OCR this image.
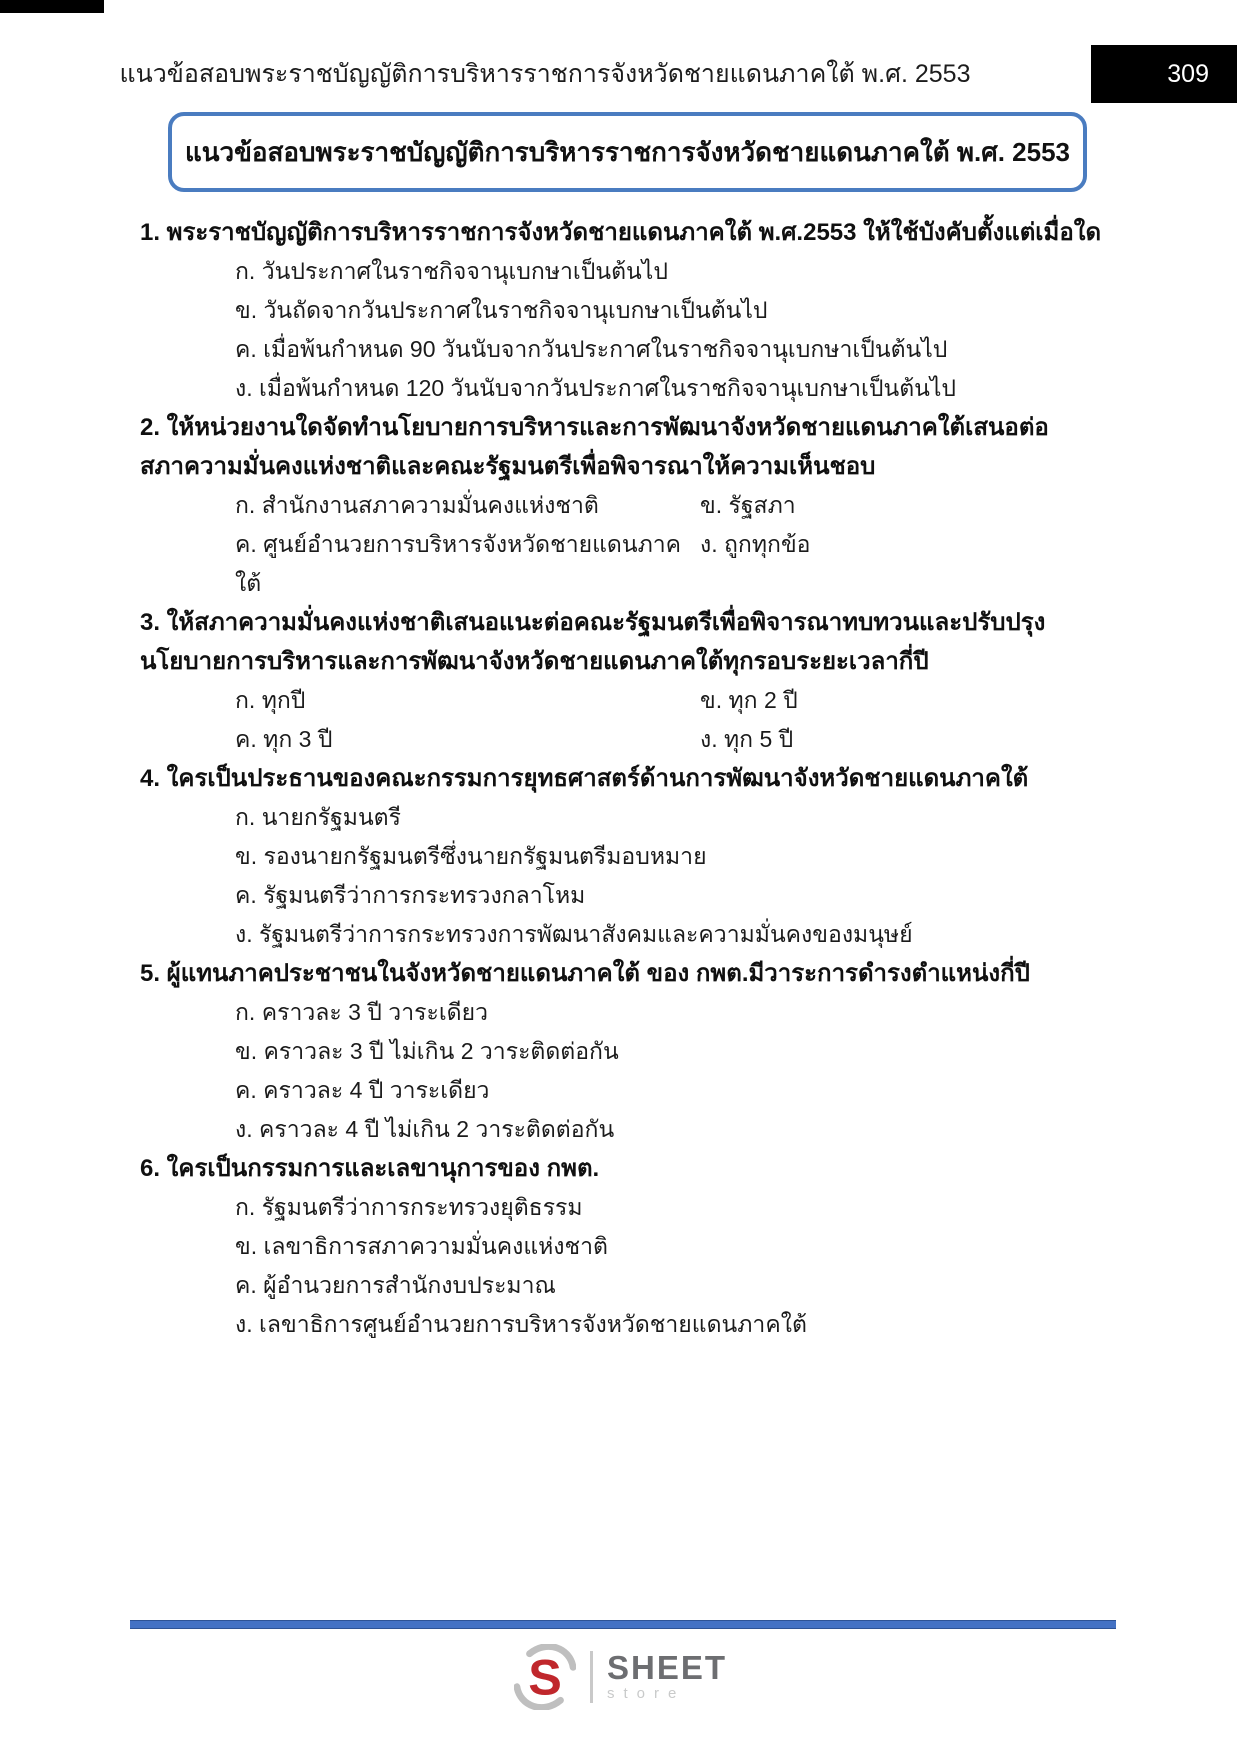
แนวข้อสอบพระราชบัญญัติการบริหารราชการจังหวัดชายแดนภาคใต้ พ.ศ. 2553	309
แนวข้อสอบพระราชบัญญัติการบริหารราชการจังหวัดชายแดนภาคใต้ พ.ศ. 2553
1. พระราชบัญญัติการบริหารราชการจังหวัดชายแดนภาคใต้ พ.ศ.2553 ให้ใช้บังคับตั้งแต่เมื่อใด
ก. วันประกาศในราชกิจจานุเบกษาเป็นต้นไป
ข. วันถัดจากวันประกาศในราชกิจจานุเบกษาเป็นต้นไป
ค. เมื่อพ้นกำหนด 90 วันนับจากวันประกาศในราชกิจจานุเบกษาเป็นต้นไป
ง. เมื่อพ้นกำหนด 120 วันนับจากวันประกาศในราชกิจจานุเบกษาเป็นต้นไป
2. ให้หน่วยงานใดจัดทำนโยบายการบริหารและการพัฒนาจังหวัดชายแดนภาคใต้เสนอต่อสภาความมั่นคงแห่งชาติและคณะรัฐมนตรีเพื่อพิจารณาให้ความเห็นชอบ
ก. สำนักงานสภาความมั่นคงแห่งชาติ	ข. รัฐสภา
ค. ศูนย์อำนวยการบริหารจังหวัดชายแดนภาคใต้
ง. ถูกทุกข้อ
3. ให้สภาความมั่นคงแห่งชาติเสนอแนะต่อคณะรัฐมนตรีเพื่อพิจารณาทบทวนและปรับปรุงนโยบายการบริหารและการพัฒนาจังหวัดชายแดนภาคใต้ทุกรอบระยะเวลากี่ปี
ก. ทุกปี	ข. ทุก 2 ปี
ค. ทุก 3 ปี	ง. ทุก 5 ปี
4. ใครเป็นประธานของคณะกรรมการยุทธศาสตร์ด้านการพัฒนาจังหวัดชายแดนภาคใต้
ก. นายกรัฐมนตรี
ข. รองนายกรัฐมนตรีซึ่งนายกรัฐมนตรีมอบหมาย
ค. รัฐมนตรีว่าการกระทรวงกลาโหม
ง. รัฐมนตรีว่าการกระทรวงการพัฒนาสังคมและความมั่นคงของมนุษย์
5. ผู้แทนภาคประชาชนในจังหวัดชายแดนภาคใต้ ของ กพต.มีวาระการดำรงตำแหน่งกี่ปี
ก. คราวละ 3 ปี วาระเดียว
ข. คราวละ 3 ปี ไม่เกิน 2 วาระติดต่อกัน
ค. คราวละ 4 ปี วาระเดียว
ง. คราวละ 4 ปี ไม่เกิน 2 วาระติดต่อกัน
6. ใครเป็นกรรมการและเลขานุการของ กพต.
ก. รัฐมนตรีว่าการกระทรวงยุติธรรม
ข. เลขาธิการสภาความมั่นคงแห่งชาติ
ค. ผู้อำนวยการสำนักงบประมาณ
ง. เลขาธิการศูนย์อำนวยการบริหารจังหวัดชายแดนภาคใต้
S SHEET
store
